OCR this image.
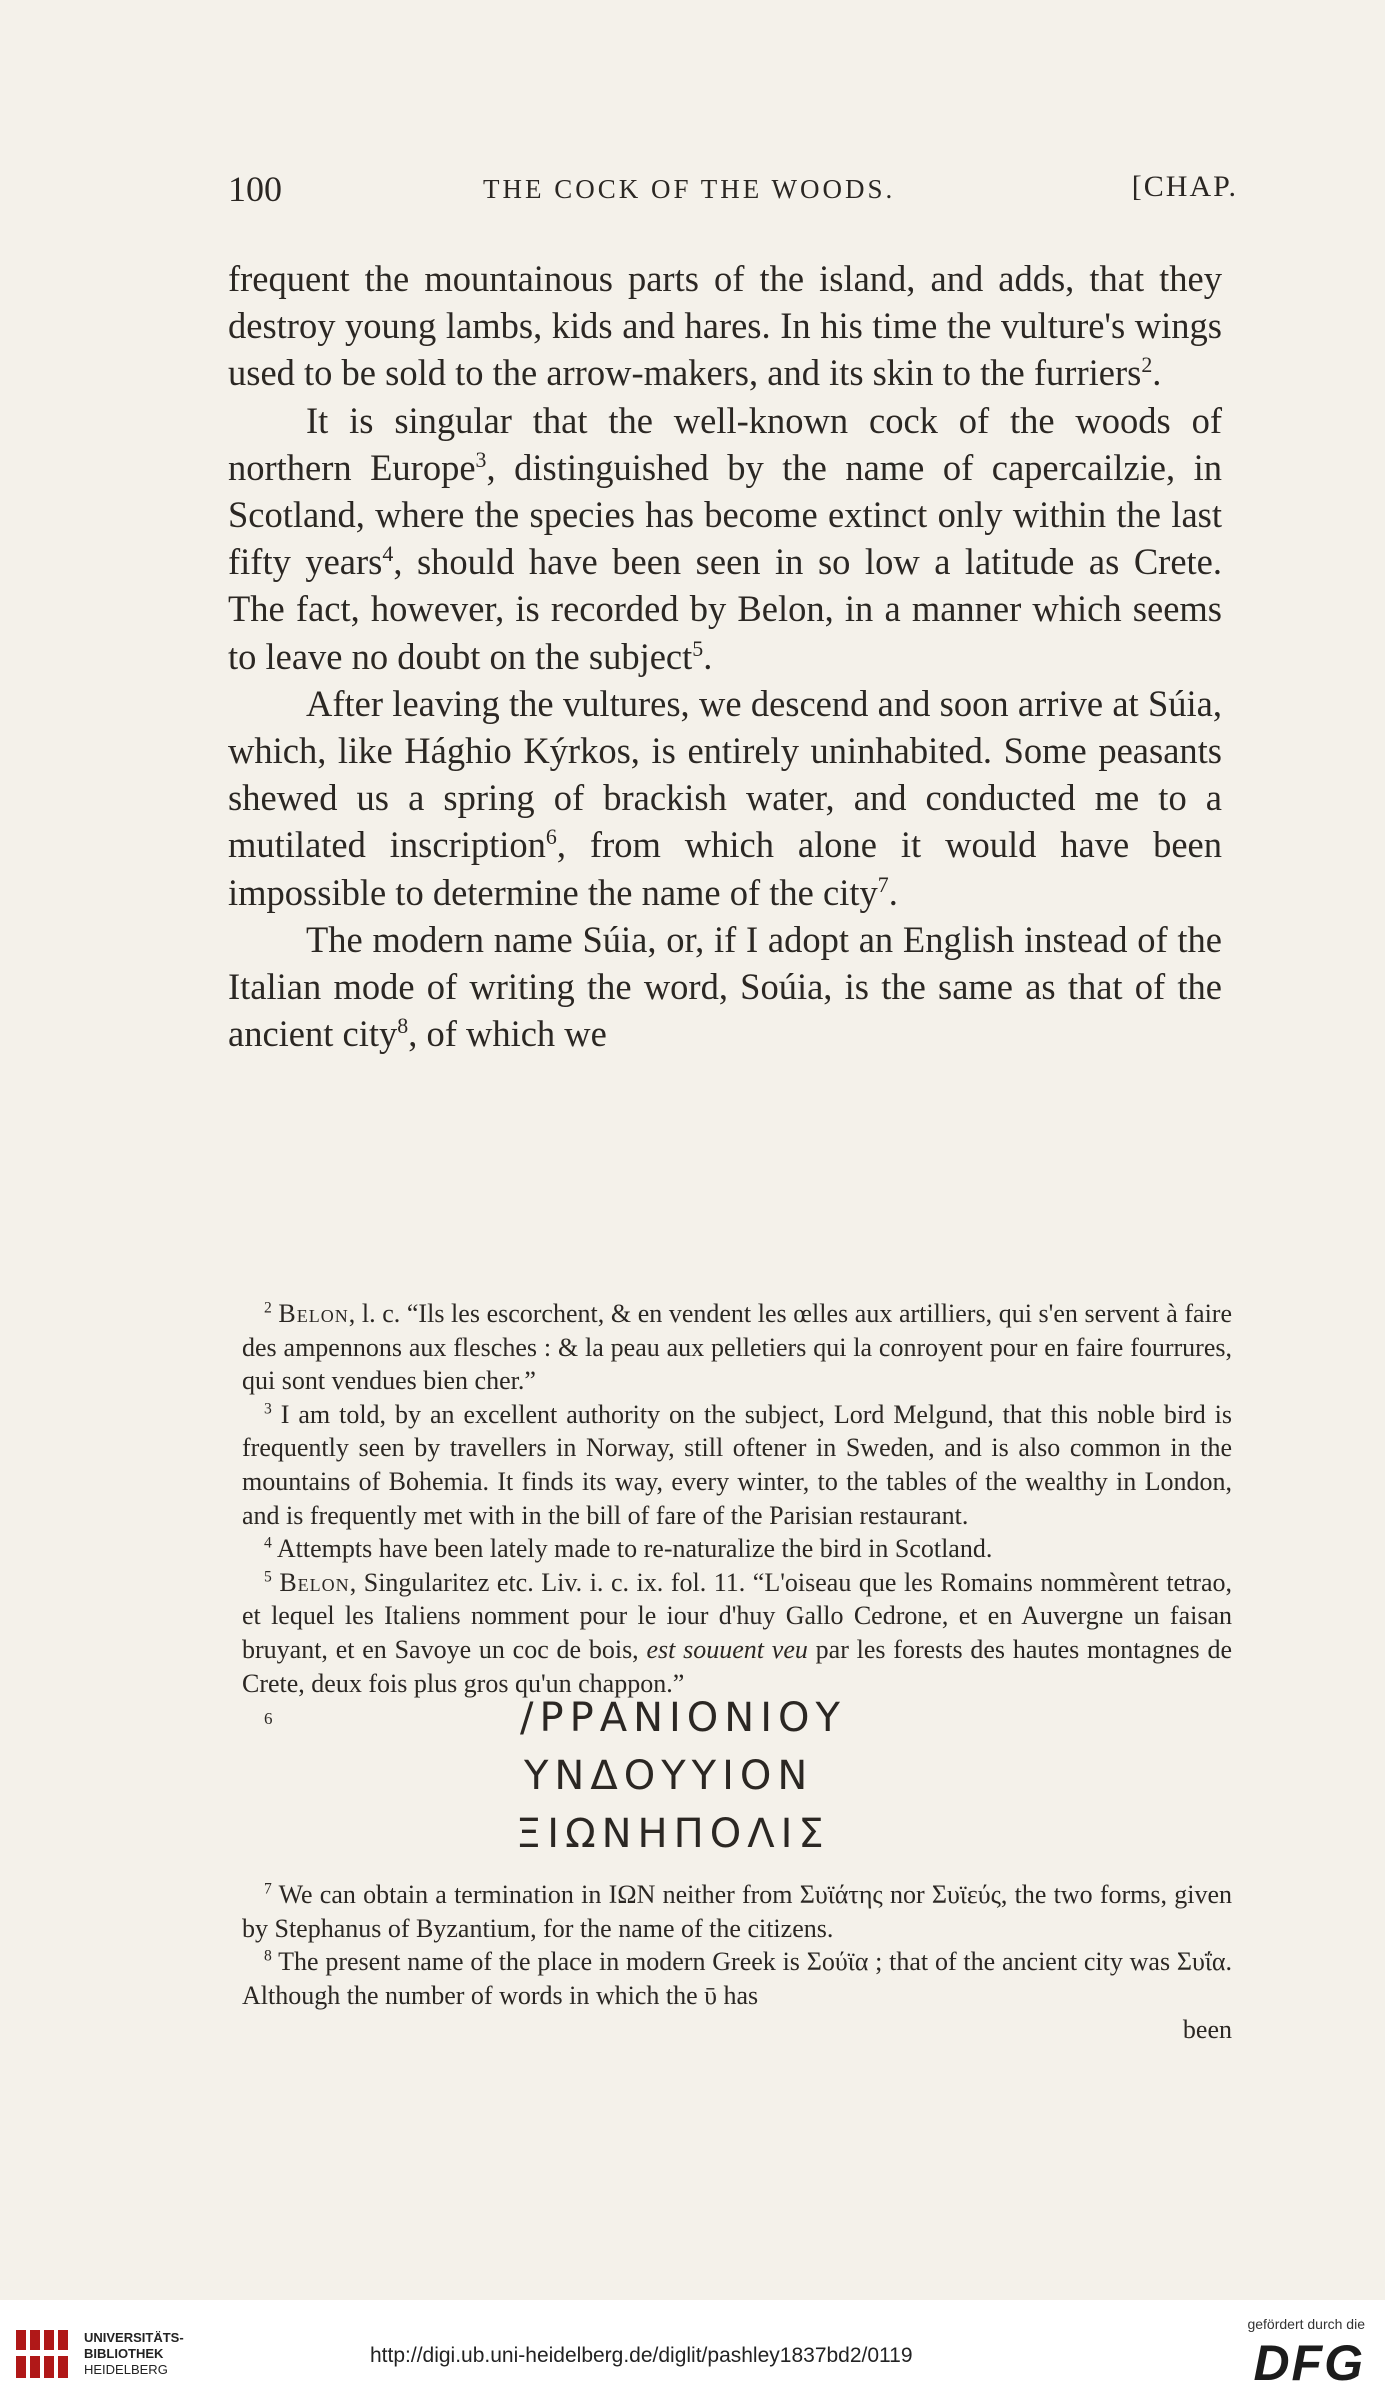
100	THE COCK OF THE WOODS.	[CHAP.

frequent the mountainous parts of the island, and adds, that they destroy young lambs, kids and hares. In his time the vulture's wings used to be sold to the arrow-makers, and its skin to the furriers$^2$.

It is singular that the well-known cock of the woods of northern Europe$^3$, distinguished by the name of capercailzie, in Scotland, where the species has become extinct only within the last fifty years$^4$, should have been seen in so low a latitude as Crete. The fact, however, is recorded by Belon, in a manner which seems to leave no doubt on the subject$^5$.

After leaving the vultures, we descend and soon arrive at Súia, which, like Hághio Kýrkos, is entirely uninhabited. Some peasants shewed us a spring of brackish water, and conducted me to a mutilated inscription$^6$, from which alone it would have been impossible to determine the name of the city$^7$.

The modern name Súia, or, if I adopt an English instead of the Italian mode of writing the word, Soúia, is the same as that of the ancient city$^8$, of which we

$^2$ Belon, l. c. “Ils les escorchent, & en vendent les œlles aux artilliers, qui s'en servent à faire des ampennons aux flesches : & la peau aux pelletiers qui la conroyent pour en faire fourrures, qui sont vendues bien cher.”

$^3$ I am told, by an excellent authority on the subject, Lord Melgund, that this noble bird is frequently seen by travellers in Norway, still oftener in Sweden, and is also common in the mountains of Bohemia. It finds its way, every winter, to the tables of the wealthy in London, and is frequently met with in the bill of fare of the Parisian restaurant.

$^4$ Attempts have been lately made to re-naturalize the bird in Scotland.

$^5$ Belon, Singularitez etc. Liv. i. c. ix. fol. 11. “L'oiseau que les Romains nommèrent tetrao, et lequel les Italiens nomment pour le iour d'huy Gallo Cedrone, et en Auvergne un faisan bruyant, et en Savoye un coc de bois, est souuent veu par les forests des hautes montagnes de Crete, deux fois plus gros qu'un chappon.”

6	/ΡΡΑΝΙΟΝΙΟΥ
ΥΝΔΟΥΥΙΟΝ
ΞΙΩΝΗΠΟΛΙΣ

$^7$ We can obtain a termination in ΙΩΝ neither from Συϊάτης nor Συϊεύς, the two forms, given by Stephanus of Byzantium, for the name of the citizens.

$^8$ The present name of the place in modern Greek is Σούϊα ; that of the ancient city was Συΐα. Although the number of words in which the ῡ has

been
UNIVERSITÄTS-
BIBLIOTHEK
HEIDELBERG
http://digi.ub.uni-heidelberg.de/diglit/pashley1837bd2/0119
gefördert durch die
DFG
